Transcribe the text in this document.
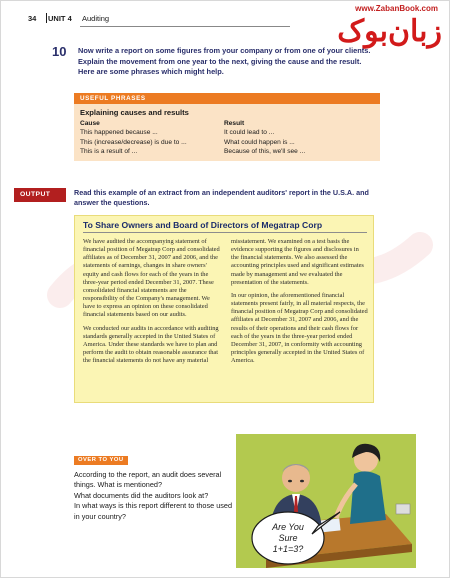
34 UNIT 4 Auditing
www.ZabanBook.com
زبان‌بوک
10 Now write a report on some figures from your company or from one of your clients. Explain the movement from one year to the next, giving the cause and the result. Here are some phrases which might help.
USEFUL PHRASES
Explaining causes and results
Cause
This happened because ...
This (increase/decrease) is due to ...
This is a result of ...
Result
It could lead to ...
What could happen is ...
Because of this, we'll see ...
OUTPUT	Read this example of an extract from an independent auditors' report in the U.S.A. and answer the questions.
To Share Owners and Board of Directors of Megatrap Corp

We have audited the accompanying statement of financial position of Megatrap Corp and consolidated affiliates as of December 31, 2007 and 2006, and the statements of earnings, changes in share owners' equity and cash flows for each of the years in the three-year period ended December 31, 2007. These consolidated financial statements are the responsibility of the Company's management. We have to express an opinion on these consolidated financial statements based on our audits.

We conducted our audits in accordance with auditing standards generally accepted in the United States of America. Under these standards we have to plan and perform the audit to obtain reasonable assurance that the financial statements do not have any material

misstatement. We examined on a test basis the evidence supporting the figures and disclosures in the financial statements. We also assessed the accounting principles used and significant estimates made by management and we evaluated the presentation of the statements.

In our opinion, the aforementioned financial statements present fairly, in all material respects, the financial position of Megatrap Corp and consolidated affiliates at December 31, 2007 and 2006, and the results of their operations and their cash flows for each of the years in the three-year period ended December 31, 2007, in conformity with accounting principles generally accepted in the United States of America.

OVER TO YOU
According to the report, an audit does several things. What is mentioned?
What documents did the auditors look at?
In what ways is this report different to those used in your country?
Are You
Sure
1+1=3?
